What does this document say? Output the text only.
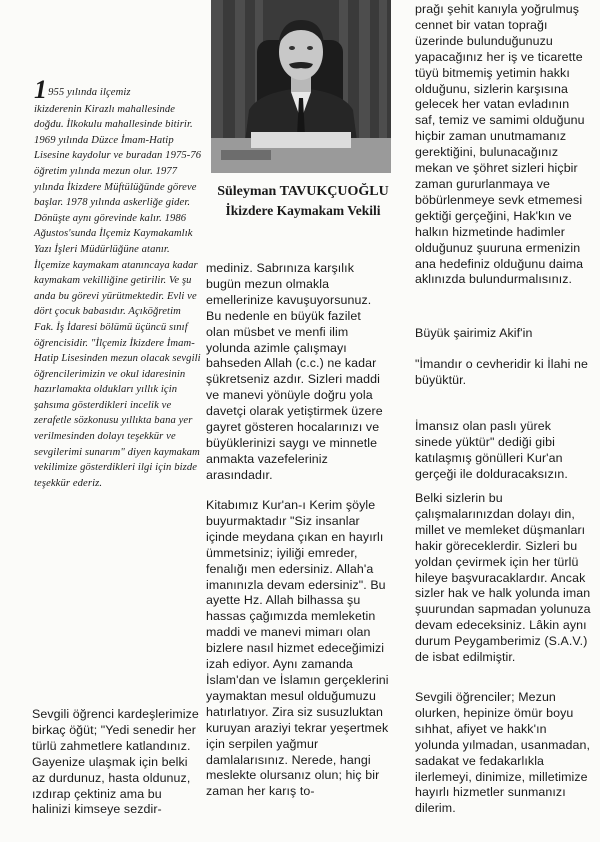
1955 yılında ilçemiz

ikizderenin Kirazlı mahallesinde doğdu. İlkokulu mahallesinde bitirir. 1969 yılında Düzce İmam-Hatip Lisesine kaydolur ve buradan 1975-76 öğretim yılında mezun olur. 1977 yılında İkizdere Müftülüğünde göreve başlar. 1978 yılında askerliğe gider. Dönüşte aynı görevinde kalır. 1986 Ağustos'sunda İlçemiz Kaymakamlık Yazı İşleri Müdürlüğüne atanır. İlçemize kaymakam atanıncaya kadar kaymakam vekilliğine getirilir. Ve şu anda bu görevi yürütmektedir. Evli ve dört çocuk babasıdır. Açıköğretim Fak. İş İdaresi bölümü üçüncü sınıf öğrencisidir. "İlçemiz İkizdere İmam-Hatip Lisesinden mezun olacak sevgili öğrencilerimizin ve okul idaresinin hazırlamakta oldukları yıllık için şahsıma gösterdikleri incelik ve zerafetle sözkonusu yıllıkta bana yer verilmesinden dolayı teşekkür ve sevgilerimi sunarım" diyen kaymakam vekilimize gösterdikleri ilgi için bizde teşekkür ederiz.

Süleyman TAVUKÇUOĞLU
İkizdere Kaymakam Vekili

Sevgili öğrenci kardeşlerimize birkaç öğüt; "Yedi senedir her türlü zahmetlere katlandınız. Gayenize ulaşmak için belki az durdunuz, hasta oldunuz, ızdırap çektiniz ama bu halinizi kimseye sezdir-

mediniz. Sabrınıza karşılık bugün mezun olmakla emellerinize kavuşuyorsunuz. Bu nedenle en büyük fazilet olan müsbet ve menfi ilim yolunda azimle çalışmayı bahseden Allah (c.c.) ne kadar şükretseniz azdır. Sizleri maddi ve manevi yönüyle doğru yola davetçi olarak yetiştirmek üzere gayret gösteren hocalarınızı ve büyüklerinizi saygı ve minnetle anmakta vazefeleriniz arasındadır.

Kitabımız Kur'an-ı Kerim şöyle buyurmaktadır "Siz insanlar içinde meydana çıkan en hayırlı ümmetsiniz; iyiliği emreder, fenalığı men edersiniz. Allah'a imanınızla devam edersiniz". Bu ayette Hz. Allah bilhassa şu hassas çağımızda memleketin maddi ve manevi mimarı olan bizlere nasıl hizmet edeceğimizi izah ediyor. Aynı zamanda İslam'dan ve İslamın gerçeklerini yaymaktan mesul olduğumuzu hatırlatıyor. Zira siz susuzluktan kuruyan araziyi tekrar yeşertmek için serpilen yağmur damlalarısınız. Nerede, hangi meslekte olursanız olun; hiç bir zaman her karış to-

prağı şehit kanıyla yoğrulmuş cennet bir vatan toprağı üzerinde bulunduğunuzu yapacağınız her iş ve ticarette tüyü bitmemiş yetimin hakkı olduğunu, sizlerin karşısına gelecek her vatan evladının saf, temiz ve samimi olduğunu hiçbir zaman unutmamanız gerektiğini, bulunacağınız mekan ve şöhret sizleri hiçbir zaman gururlanmaya ve böbürlenmeye sevk etmemesi gektiği gerçeğini, Hak'kın ve halkın hizmetinde hadimler olduğunuz şuuruna ermenizin ana hedefiniz olduğunu daima aklınızda bulundurmalısınız.

Büyük şairimiz Akif'in

"İmandır o cevheridir ki İlahi ne büyüktür.

İmansız olan paslı yürek sinede yüktür" dediği gibi katılaşmış gönülleri Kur'an gerçeği ile dolduracaksızın.

Belki sizlerin bu çalışmalarınızdan dolayı din, millet ve memleket düşmanları hakir göreceklerdir. Sizleri bu yoldan çevirmek için her türlü hileye başvuracaklardır. Ancak sizler hak ve halk yolunda iman şuurundan sapmadan yolunuza devam edeceksiniz. Lâkin aynı durum Peygamberimiz (S.A.V.) de isbat edilmiştir.

Sevgili öğrenciler; Mezun olurken, hepinize ömür boyu sıhhat, afiyet ve hakk'ın yolunda yılmadan, usanmadan, sadakat ve fedakarlıkla ilerlemeyi, dinimize, milletimize hayırlı hizmetler sunmanızı dilerim.
